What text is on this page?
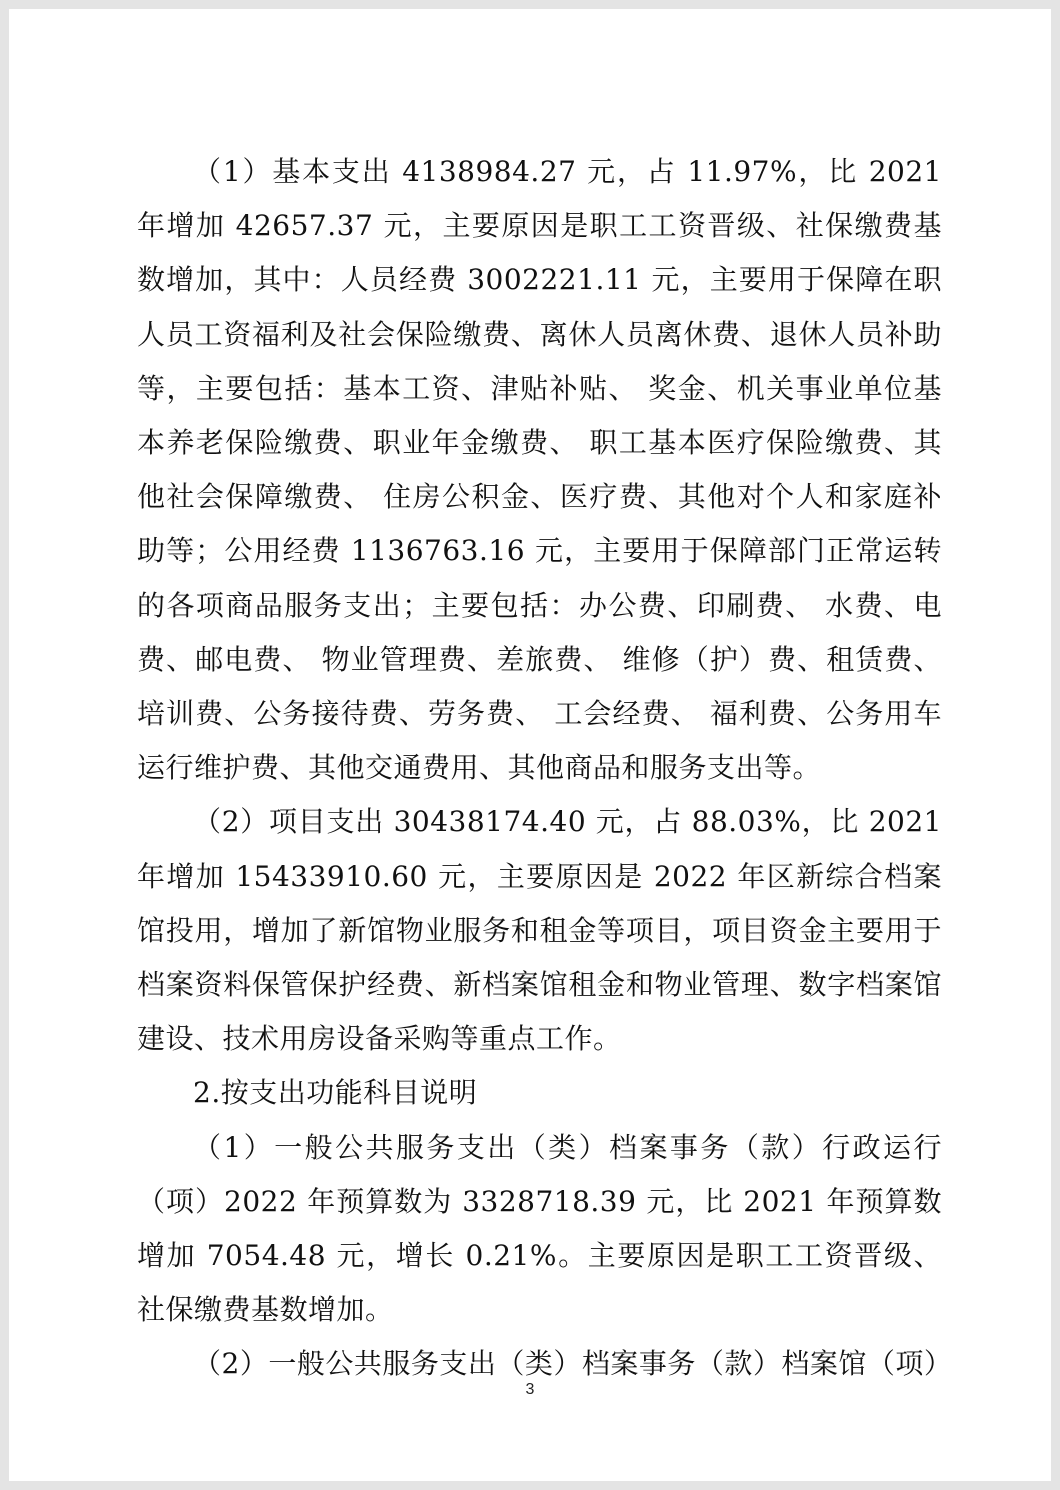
（1）基本支出 4138984.27 元，占 11.97%，比 2021 年增加 42657.37 元，主要原因是职工工资晋级、社保缴费基数增加，其中：人员经费 3002221.11 元，主要用于保障在职人员工资福利及社会保险缴费、离休人员离休费、退休人员补助等，主要包括：基本工资、津贴补贴、 奖金、机关事业单位基本养老保险缴费、职业年金缴费、 职工基本医疗保险缴费、其他社会保障缴费、 住房公积金、医疗费、其他对个人和家庭补助等；公用经费 1136763.16 元，主要用于保障部门正常运转的各项商品服务支出；主要包括：办公费、印刷费、 水费、电费、邮电费、 物业管理费、差旅费、 维修（护）费、租赁费、培训费、公务接待费、劳务费、 工会经费、 福利费、公务用车运行维护费、其他交通费用、其他商品和服务支出等。

（2）项目支出 30438174.40 元，占 88.03%，比 2021 年增加 15433910.60 元，主要原因是 2022 年区新综合档案馆投用，增加了新馆物业服务和租金等项目，项目资金主要用于档案资料保管保护经费、新档案馆租金和物业管理、数字档案馆建设、技术用房设备采购等重点工作。

2.按支出功能科目说明

（1）一般公共服务支出（类）档案事务（款）行政运行（项）2022 年预算数为 3328718.39 元，比 2021 年预算数增加 7054.48 元，增长 0.21%。主要原因是职工工资晋级、社保缴费基数增加。

（2）一般公共服务支出（类）档案事务（款）档案馆（项）

3
